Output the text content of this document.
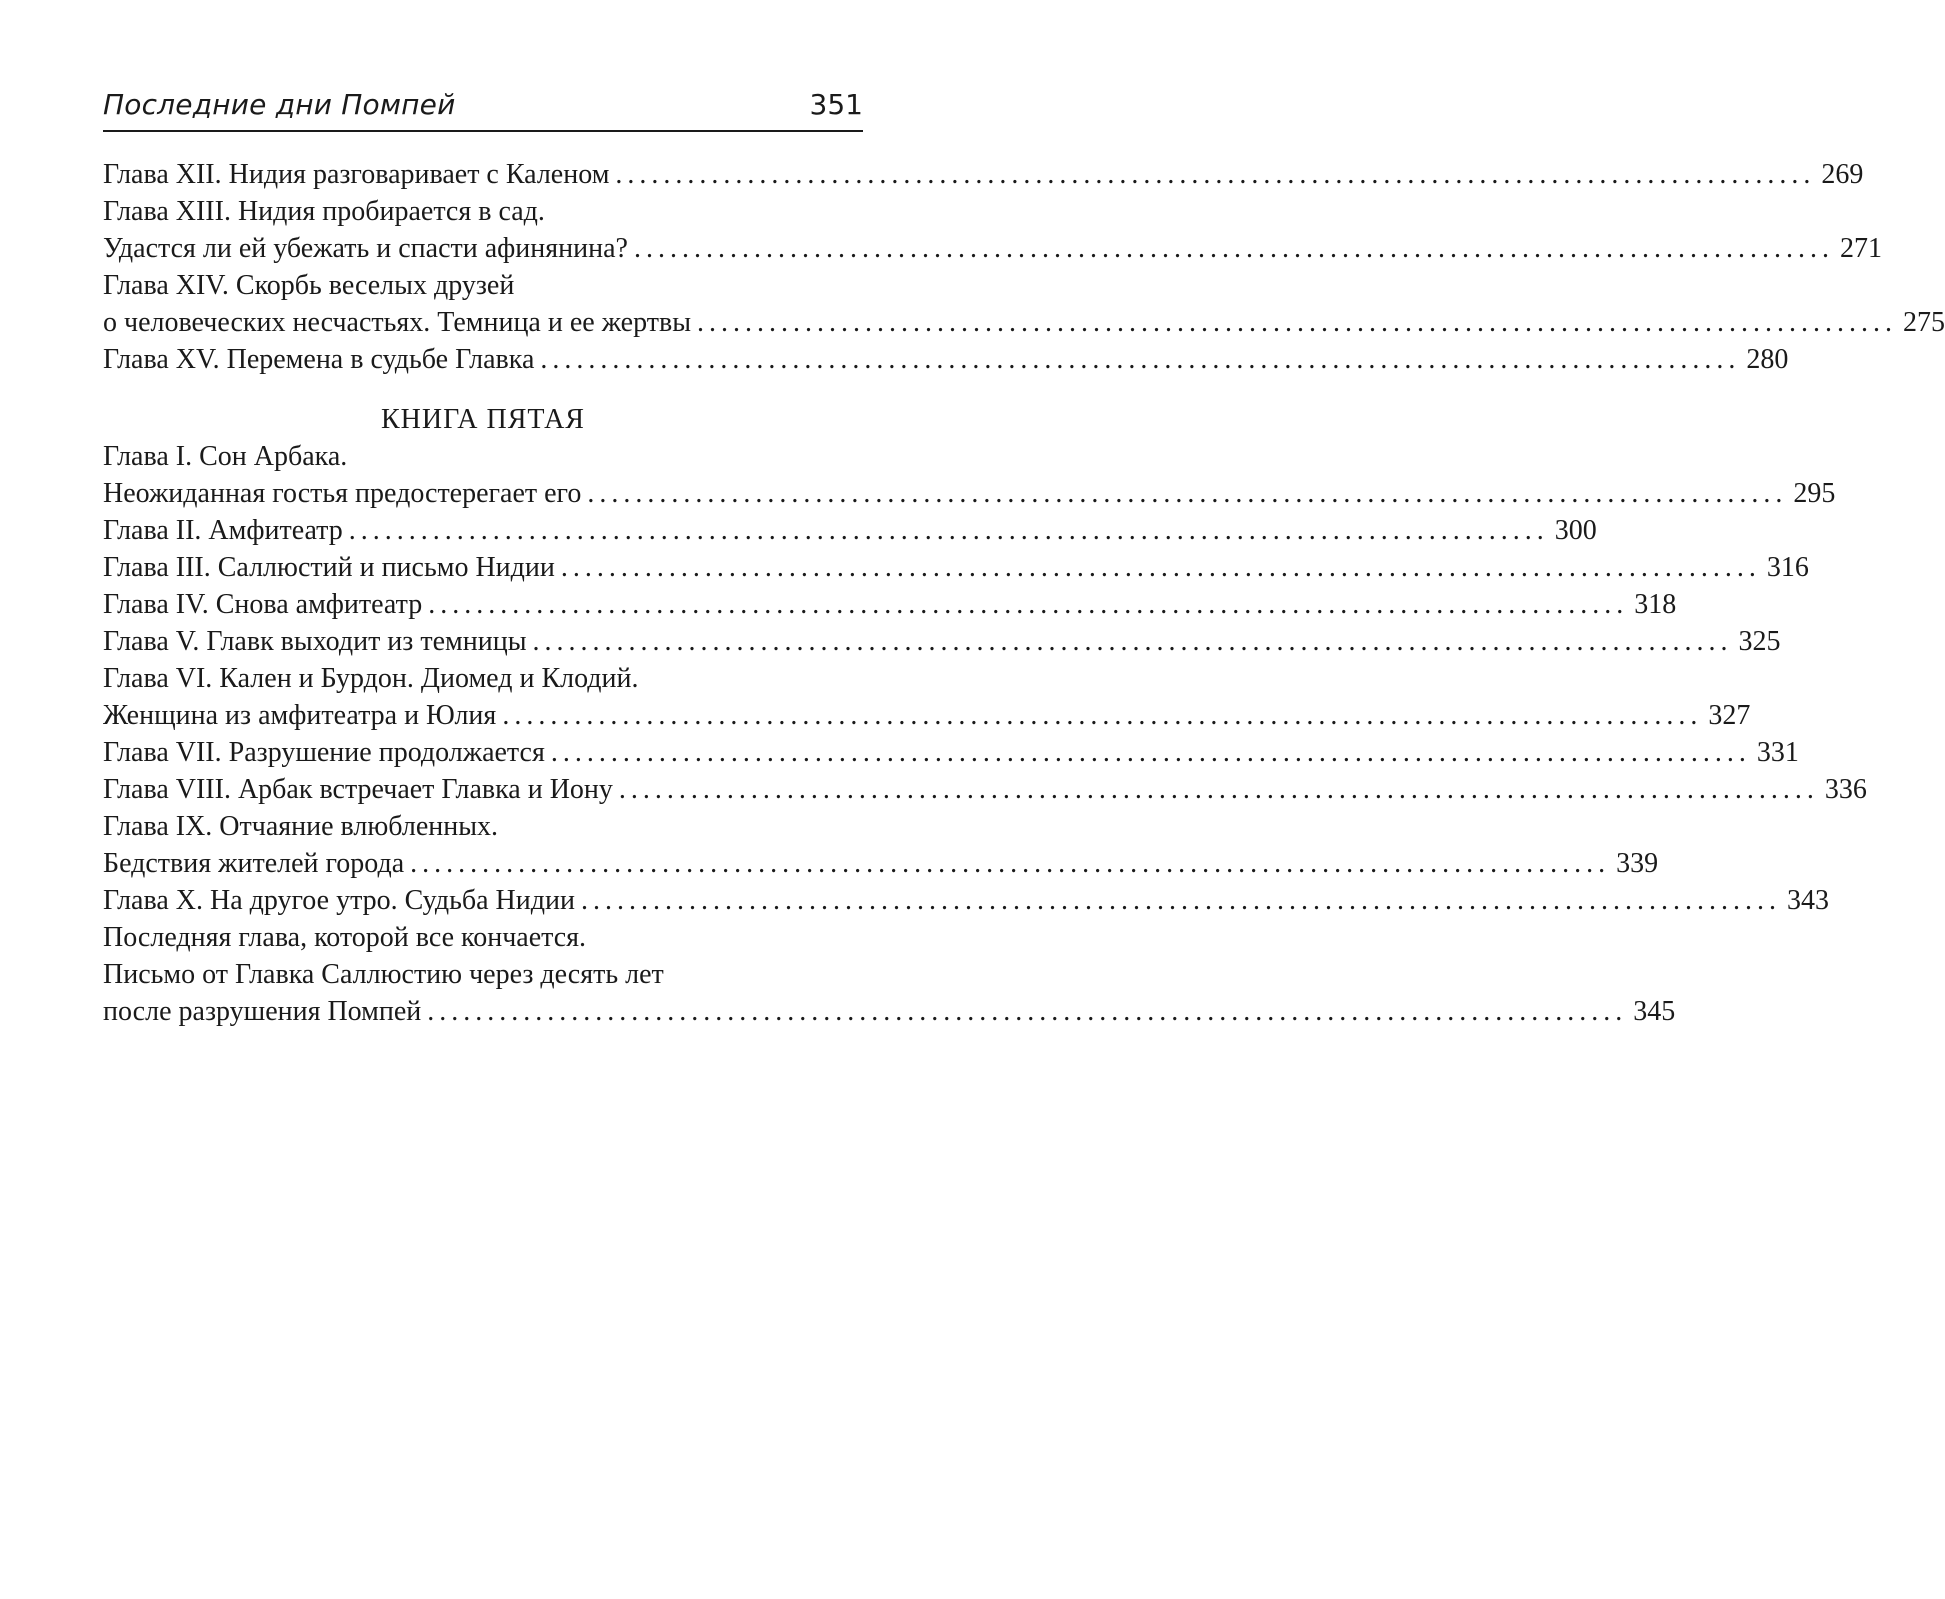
Последние дни Помпей	351
Глава XII. Нидия разговаривает с Каленом .................................................................................................... 269
Глава XIII. Нидия пробирается в сад.
Удастся ли ей убежать и спасти афинянина? .................................................................................................... 271
Глава XIV. Скорбь веселых друзей
о человеческих несчастьях. Темница и ее жертвы .................................................................................................... 275
Глава XV. Перемена в судьбе Главка .................................................................................................... 280
КНИГА ПЯТАЯ
Глава I. Сон Арбака.
Неожиданная гостья предостерегает его .................................................................................................... 295
Глава II. Амфитеатр .................................................................................................... 300
Глава III. Саллюстий и письмо Нидии .................................................................................................... 316
Глава IV. Снова амфитеатр .................................................................................................... 318
Глава V. Главк выходит из темницы .................................................................................................... 325
Глава VI. Кален и Бурдон. Диомед и Клодий.
Женщина из амфитеатра и Юлия .................................................................................................... 327
Глава VII. Разрушение продолжается .................................................................................................... 331
Глава VIII. Арбак встречает Главка и Иону .................................................................................................... 336
Глава IX. Отчаяние влюбленных.
Бедствия жителей города .................................................................................................... 339
Глава X. На другое утро. Судьба Нидии .................................................................................................... 343
Последняя глава, которой все кончается.
Письмо от Главка Саллюстию через десять лет
после разрушения Помпей .................................................................................................... 345
